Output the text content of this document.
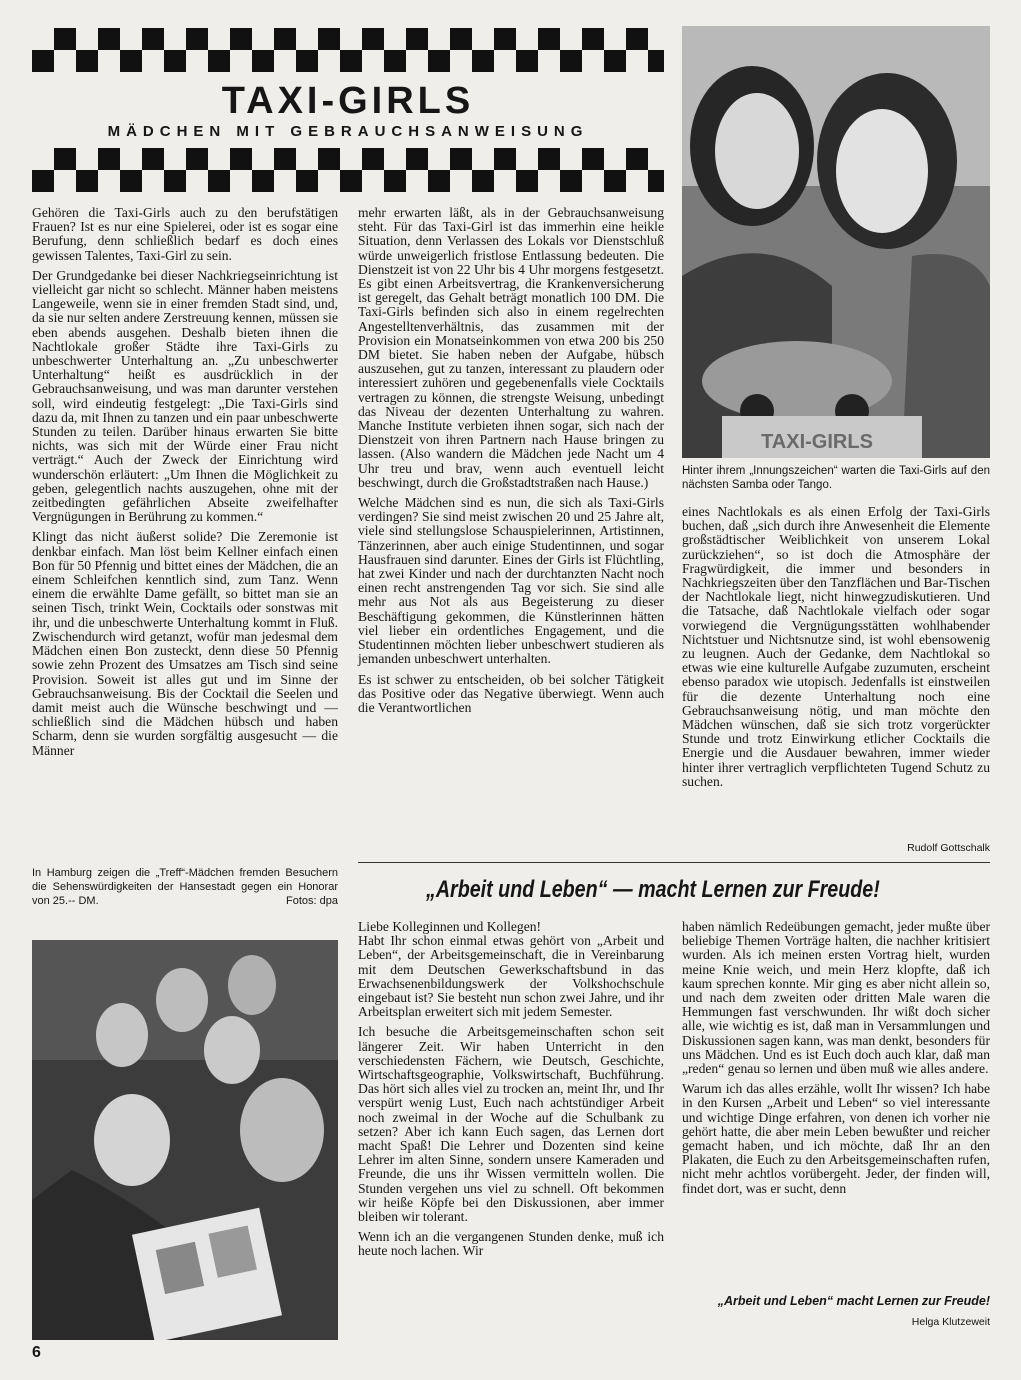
TAXI-GIRLS
MÄDCHEN MIT GEBRAUCHSANWEISUNG
TAXI-GIRLS
Hinter ihrem „Innungszeichen“ warten die Taxi-Girls auf den nächsten Samba oder Tango.

Gehören die Taxi-Girls auch zu den berufstätigen Frauen? Ist es nur eine Spielerei, oder ist es sogar eine Berufung, denn schließlich bedarf es doch eines gewissen Talentes, Taxi-Girl zu sein.

Der Grundgedanke bei dieser Nachkriegseinrichtung ist vielleicht gar nicht so schlecht. Männer haben meistens Langeweile, wenn sie in einer fremden Stadt sind, und, da sie nur selten andere Zerstreuung kennen, müssen sie eben abends ausgehen. Deshalb bieten ihnen die Nachtlokale großer Städte ihre Taxi-Girls zu unbeschwerter Unterhaltung an. „Zu unbeschwerter Unterhaltung“ heißt es ausdrücklich in der Gebrauchsanweisung, und was man darunter verstehen soll, wird eindeutig festgelegt: „Die Taxi-Girls sind dazu da, mit Ihnen zu tanzen und ein paar unbeschwerte Stunden zu teilen. Darüber hinaus erwarten Sie bitte nichts, was sich mit der Würde einer Frau nicht verträgt.“ Auch der Zweck der Einrichtung wird wunderschön erläutert: „Um Ihnen die Möglichkeit zu geben, gelegentlich nachts auszugehen, ohne mit der zeitbedingten gefährlichen Abseite zweifelhafter Vergnügungen in Berührung zu kommen.“

Klingt das nicht äußerst solide? Die Zeremonie ist denkbar einfach. Man löst beim Kellner einfach einen Bon für 50 Pfennig und bittet eines der Mädchen, die an einem Schleifchen kenntlich sind, zum Tanz. Wenn einem die erwählte Dame gefällt, so bittet man sie an seinen Tisch, trinkt Wein, Cocktails oder sonstwas mit ihr, und die unbeschwerte Unterhaltung kommt in Fluß. Zwischendurch wird getanzt, wofür man jedesmal dem Mädchen einen Bon zusteckt, denn diese 50 Pfennig sowie zehn Prozent des Umsatzes am Tisch sind seine Provision. Soweit ist alles gut und im Sinne der Gebrauchsanweisung. Bis der Cocktail die Seelen und damit meist auch die Wünsche beschwingt und — schließlich sind die Mädchen hübsch und haben Scharm, denn sie wurden sorgfältig ausgesucht — die Männer

mehr erwarten läßt, als in der Gebrauchsanweisung steht. Für das Taxi-Girl ist das immerhin eine heikle Situation, denn Verlassen des Lokals vor Dienstschluß würde unweigerlich fristlose Entlassung bedeuten. Die Dienstzeit ist von 22 Uhr bis 4 Uhr morgens festgesetzt. Es gibt einen Arbeitsvertrag, die Krankenversicherung ist geregelt, das Gehalt beträgt monatlich 100 DM. Die Taxi-Girls befinden sich also in einem regelrechten Angestelltenverhältnis, das zusammen mit der Provision ein Monatseinkommen von etwa 200 bis 250 DM bietet. Sie haben neben der Aufgabe, hübsch auszusehen, gut zu tanzen, interessant zu plaudern oder interessiert zuhören und gegebenenfalls viele Cocktails vertragen zu können, die strengste Weisung, unbedingt das Niveau der dezenten Unterhaltung zu wahren. Manche Institute verbieten ihnen sogar, sich nach der Dienstzeit von ihren Partnern nach Hause bringen zu lassen. (Also wandern die Mädchen jede Nacht um 4 Uhr treu und brav, wenn auch eventuell leicht beschwingt, durch die Großstadtstraßen nach Hause.)

Welche Mädchen sind es nun, die sich als Taxi-Girls verdingen? Sie sind meist zwischen 20 und 25 Jahre alt, viele sind stellungslose Schauspielerinnen, Artistinnen, Tänzerinnen, aber auch einige Studentinnen, und sogar Hausfrauen sind darunter. Eines der Girls ist Flüchtling, hat zwei Kinder und nach der durchtanzten Nacht noch einen recht anstrengenden Tag vor sich. Sie sind alle mehr aus Not als aus Begeisterung zu dieser Beschäftigung gekommen, die Künstlerinnen hätten viel lieber ein ordentliches Engagement, und die Studentinnen möchten lieber unbeschwert studieren als jemanden unbeschwert unterhalten.

Es ist schwer zu entscheiden, ob bei solcher Tätigkeit das Positive oder das Negative überwiegt. Wenn auch die Verantwortlichen

eines Nachtlokals es als einen Erfolg der Taxi-Girls buchen, daß „sich durch ihre Anwesenheit die Elemente großstädtischer Weiblichkeit von unserem Lokal zurückziehen“, so ist doch die Atmosphäre der Fragwürdigkeit, die immer und besonders in Nachkriegszeiten über den Tanzflächen und Bar-Tischen der Nachtlokale liegt, nicht hinwegzudiskutieren. Und die Tatsache, daß Nachtlokale vielfach oder sogar vorwiegend die Vergnügungsstätten wohlhabender Nichtstuer und Nichtsnutze sind, ist wohl ebensowenig zu leugnen. Auch der Gedanke, dem Nachtlokal so etwas wie eine kulturelle Aufgabe zuzumuten, erscheint ebenso paradox wie utopisch. Jedenfalls ist einstweilen für die dezente Unterhaltung noch eine Gebrauchsanweisung nötig, und man möchte den Mädchen wünschen, daß sie sich trotz vorgerückter Stunde und trotz Einwirkung etlicher Cocktails die Energie und die Ausdauer bewahren, immer wieder hinter ihrer vertraglich verpflichteten Tugend Schutz zu suchen.

Rudolf Gottschalk
In Hamburg zeigen die „Treff“-Mädchen fremden Besuchern die Sehenswürdigkeiten der Hansestadt gegen ein Honorar von 25.-- DM.	Fotos: dpa	„Arbeit und Leben“ — macht Lernen zur Freude!

Liebe Kolleginnen und Kollegen!

Habt Ihr schon einmal etwas gehört von „Arbeit und Leben“, der Arbeitsgemeinschaft, die in Vereinbarung mit dem Deutschen Gewerkschaftsbund in das Erwachsenenbildungswerk der Volkshochschule eingebaut ist? Sie besteht nun schon zwei Jahre, und ihr Arbeitsplan erweitert sich mit jedem Semester.

Ich besuche die Arbeitsgemeinschaften schon seit längerer Zeit. Wir haben Unterricht in den verschiedensten Fächern, wie Deutsch, Geschichte, Wirtschaftsgeographie, Volkswirtschaft, Buchführung. Das hört sich alles viel zu trocken an, meint Ihr, und Ihr verspürt wenig Lust, Euch nach achtstündiger Arbeit noch zweimal in der Woche auf die Schulbank zu setzen? Aber ich kann Euch sagen, das Lernen dort macht Spaß! Die Lehrer und Dozenten sind keine Lehrer im alten Sinne, sondern unsere Kameraden und Freunde, die uns ihr Wissen vermitteln wollen. Die Stunden vergehen uns viel zu schnell. Oft bekommen wir heiße Köpfe bei den Diskussionen, aber immer bleiben wir tolerant.

Wenn ich an die vergangenen Stunden denke, muß ich heute noch lachen. Wir

haben nämlich Redeübungen gemacht, jeder mußte über beliebige Themen Vorträge halten, die nachher kritisiert wurden. Als ich meinen ersten Vortrag hielt, wurden meine Knie weich, und mein Herz klopfte, daß ich kaum sprechen konnte. Mir ging es aber nicht allein so, und nach dem zweiten oder dritten Male waren die Hemmungen fast verschwunden. Ihr wißt doch sicher alle, wie wichtig es ist, daß man in Versammlungen und Diskussionen sagen kann, was man denkt, besonders für uns Mädchen. Und es ist Euch doch auch klar, daß man „reden“ genau so lernen und üben muß wie alles andere.

Warum ich das alles erzähle, wollt Ihr wissen? Ich habe in den Kursen „Arbeit und Leben“ so viel interessante und wichtige Dinge erfahren, von denen ich vorher nie gehört hatte, die aber mein Leben bewußter und reicher gemacht haben, und ich möchte, daß Ihr an den Plakaten, die Euch zu den Arbeitsgemeinschaften rufen, nicht mehr achtlos vorübergeht. Jeder, der finden will, findet dort, was er sucht, denn

„Arbeit und Leben“ macht Lernen zur Freude!
Helga Klutzeweit
6
